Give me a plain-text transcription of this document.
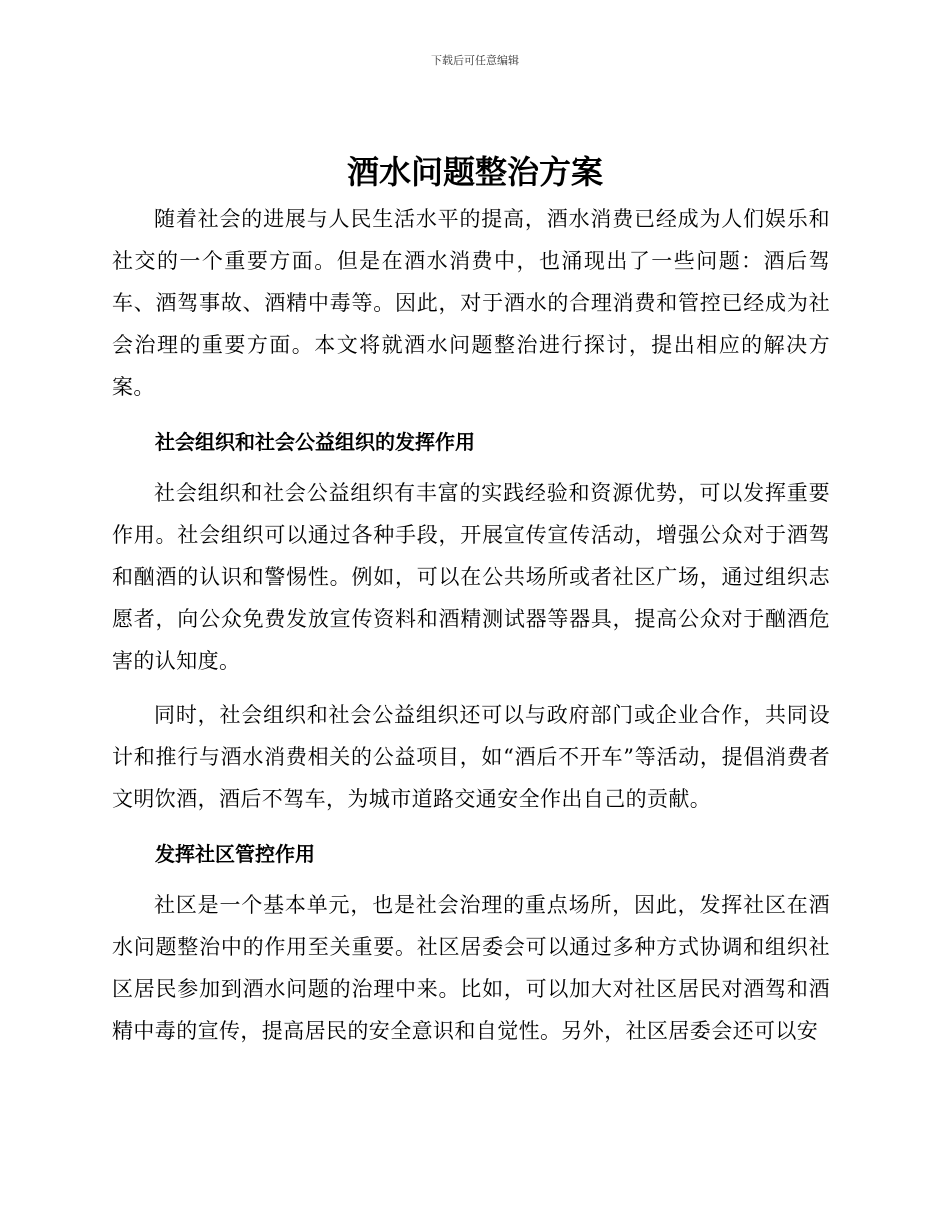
下载后可任意编辑
酒水问题整治方案

随着社会的进展与人民生活水平的提高，酒水消费已经成为人们娱乐和社交的一个重要方面。但是在酒水消费中，也涌现出了一些问题：酒后驾车、酒驾事故、酒精中毒等。因此，对于酒水的合理消费和管控已经成为社会治理的重要方面。本文将就酒水问题整治进行探讨，提出相应的解决方案。

社会组织和社会公益组织的发挥作用

社会组织和社会公益组织有丰富的实践经验和资源优势，可以发挥重要作用。社会组织可以通过各种手段，开展宣传宣传活动，增强公众对于酒驾和酗酒的认识和警惕性。例如，可以在公共场所或者社区广场，通过组织志愿者，向公众免费发放宣传资料和酒精测试器等器具，提高公众对于酗酒危害的认知度。

同时，社会组织和社会公益组织还可以与政府部门或企业合作，共同设计和推行与酒水消费相关的公益项目，如“酒后不开车”等活动，提倡消费者文明饮酒，酒后不驾车，为城市道路交通安全作出自己的贡献。

发挥社区管控作用

社区是一个基本单元，也是社会治理的重点场所，因此，发挥社区在酒水问题整治中的作用至关重要。社区居委会可以通过多种方式协调和组织社区居民参加到酒水问题的治理中来。比如，可以加大对社区居民对酒驾和酒精中毒的宣传，提高居民的安全意识和自觉性。另外，社区居委会还可以安
